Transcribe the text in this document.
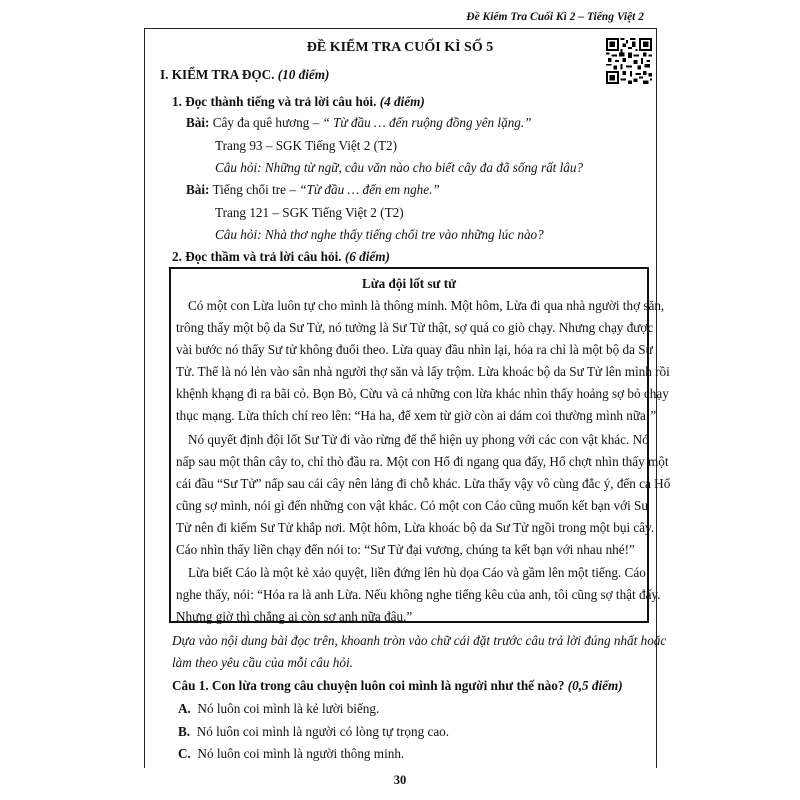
Đề Kiểm Tra Cuối Kì 2 – Tiếng Việt 2
ĐỀ KIỂM TRA CUỐI KÌ SỐ 5
I. KIỂM TRA ĐỌC. (10 điểm)
1. Đọc thành tiếng và trả lời câu hỏi. (4 điểm)
Bài: Cây đa quê hương – “ Từ đầu … đến ruộng đồng yên lặng.”
Trang 93 – SGK Tiếng Việt 2 (T2)
Câu hỏi: Những từ ngữ, câu văn nào cho biết cây đa đã sống rất lâu?
Bài: Tiếng chổi tre – “Từ đầu … đến em nghe.”
Trang 121 – SGK Tiếng Việt 2 (T2)
Câu hỏi: Nhà thơ nghe thấy tiếng chổi tre vào những lúc nào?
2. Đọc thầm và trả lời câu hỏi. (6 điểm)
Lừa đội lốt sư tử
Có một con Lừa luôn tự cho mình là thông minh. Một hôm, Lừa đi qua nhà người thợ săn,
trông thấy một bộ da Sư Tử, nó tưởng là Sư Tử thật, sợ quá co giò chạy. Nhưng chạy được
vài bước nó thấy Sư tử không đuổi theo. Lừa quay đầu nhìn lại, hóa ra chỉ là một bộ da Sư
Tử. Thế là nó lẻn vào sân nhà người thợ săn và lấy trộm. Lừa khoác bộ da Sư Tử lên mình rồi
khệnh khạng đi ra bãi cỏ. Bọn Bò, Cừu và cả những con lừa khác nhìn thấy hoảng sợ bỏ chạy
thục mạng. Lừa thích chí reo lên: “Ha ha, để xem từ giờ còn ai dám coi thường mình nữa!”
Nó quyết định đội lốt Sư Tử đi vào rừng để thể hiện uy phong với các con vật khác. Nó
nấp sau một thân cây to, chỉ thò đầu ra. Một con Hổ đi ngang qua đấy, Hổ chợt nhìn thấy một
cái đầu “Sư Tử” nấp sau cái cây nên lảng đi chỗ khác. Lừa thấy vậy vô cùng đắc ý, đến cả Hổ
cũng sợ mình, nói gì đến những con vật khác. Có một con Cáo cũng muốn kết bạn với Sư
Tử nên đi kiếm Sư Tử khắp nơi. Một hôm, Lừa khoác bộ da Sư Tử ngồi trong một bụi cây.
Cáo nhìn thấy liền chạy đến nói to: “Sư Tử đại vương, chúng ta kết bạn với nhau nhé!”
Lừa biết Cáo là một kẻ xảo quyệt, liền đứng lên hù dọa Cáo và gầm lên một tiếng. Cáo
nghe thấy, nói: “Hóa ra là anh Lừa. Nếu không nghe tiếng kêu của anh, tôi cũng sợ thật đấy.
Nhưng giờ thì chẳng ai còn sợ anh nữa đâu.”
Dựa vào nội dung bài đọc trên, khoanh tròn vào chữ cái đặt trước câu trả lời đúng nhất hoặc
làm theo yêu cầu của mỗi câu hỏi.
Câu 1. Con lừa trong câu chuyện luôn coi mình là người như thế nào? (0,5 điểm)
A. Nó luôn coi mình là kẻ lười biếng.
B. Nó luôn coi mình là người có lòng tự trọng cao.
C. Nó luôn coi mình là người thông minh.
30
